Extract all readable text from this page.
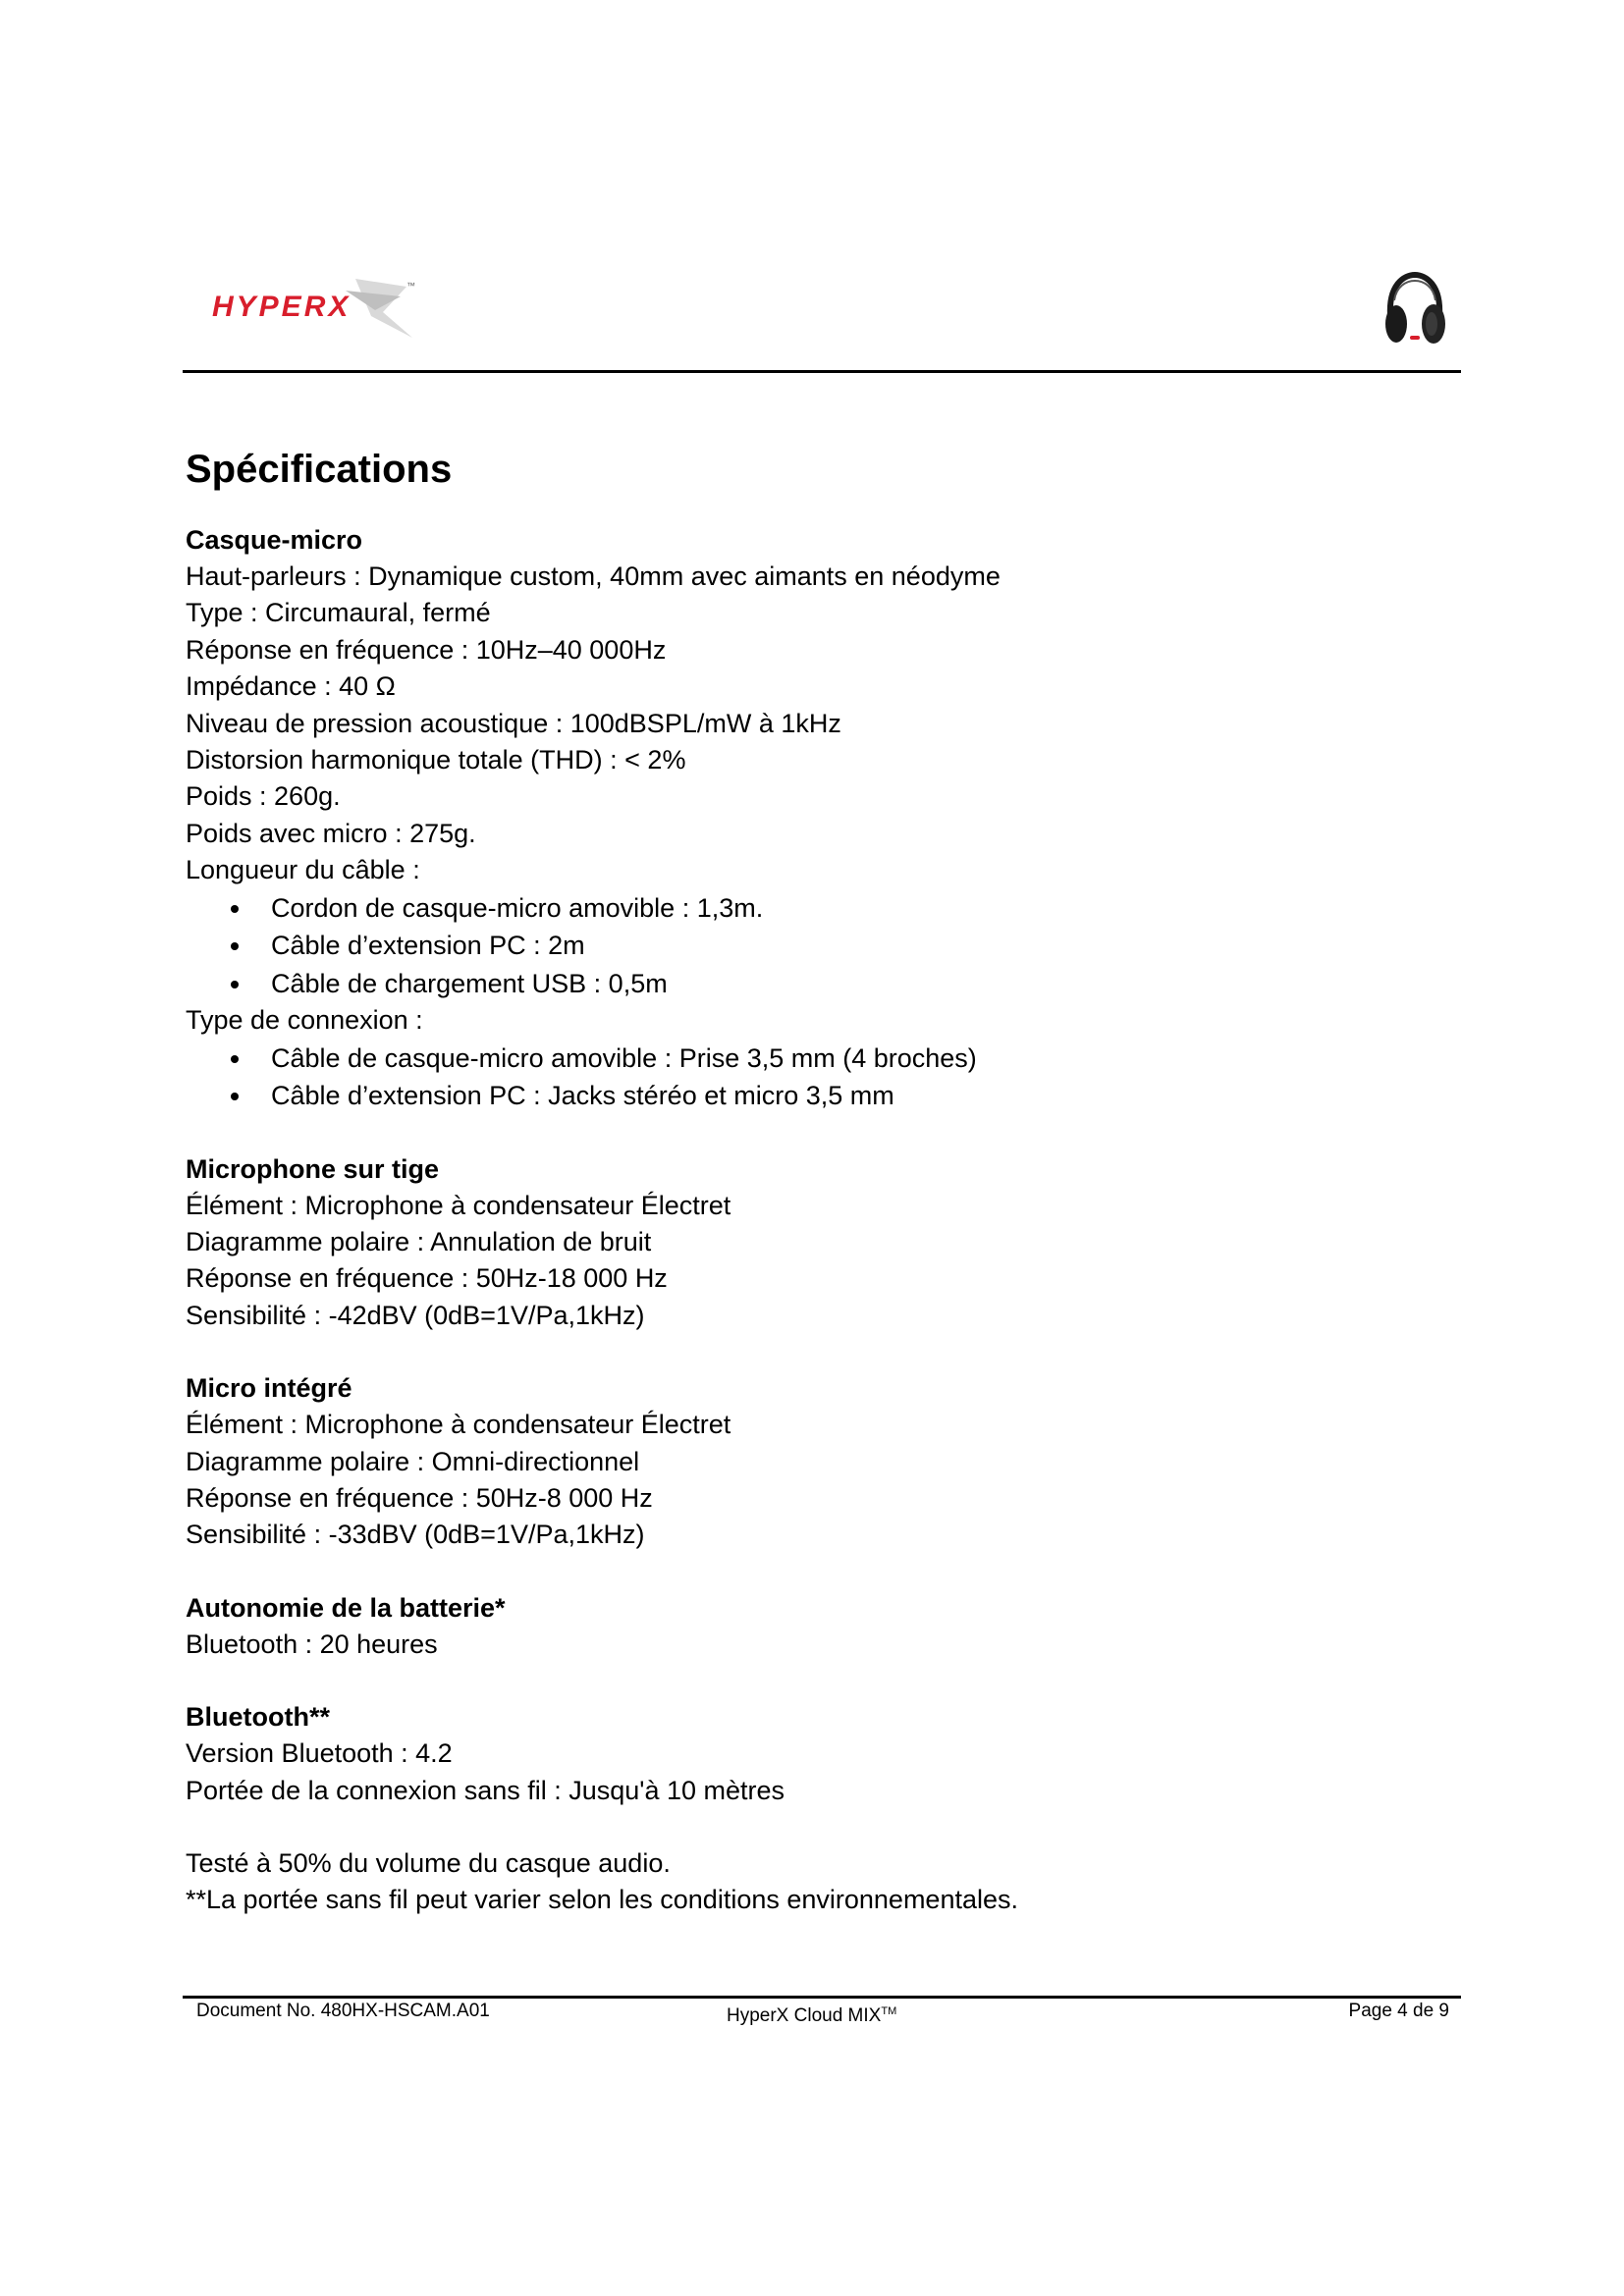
HYPERX
™
Spécifications

Casque-micro

Haut-parleurs : Dynamique custom, 40mm avec aimants en néodyme

Type : Circumaural, fermé

Réponse en fréquence : 10Hz–40 000Hz

Impédance : 40 Ω

Niveau de pression acoustique : 100dBSPL/mW à 1kHz

Distorsion harmonique totale (THD) : < 2%

Poids : 260g.

Poids avec micro : 275g.

Longueur du câble :

Cordon de casque-micro amovible : 1,3m.
Câble d’extension PC : 2m
Câble de chargement USB : 0,5m

Type de connexion :

Câble de casque-micro amovible : Prise 3,5 mm (4 broches)
Câble d’extension PC : Jacks stéréo et micro 3,5 mm

Microphone sur tige

Élément : Microphone à condensateur Électret

Diagramme polaire : Annulation de bruit

Réponse en fréquence : 50Hz-18 000 Hz

Sensibilité : -42dBV (0dB=1V/Pa,1kHz)

Micro intégré

Élément : Microphone à condensateur Électret

Diagramme polaire : Omni-directionnel

Réponse en fréquence : 50Hz-8 000 Hz

Sensibilité : -33dBV (0dB=1V/Pa,1kHz)

Autonomie de la batterie*

Bluetooth : 20 heures

Bluetooth**

Version Bluetooth : 4.2

Portée de la connexion sans fil : Jusqu'à 10 mètres

Testé à 50% du volume du casque audio.

**La portée sans fil peut varier selon les conditions environnementales.

Document No. 480HX-HSCAM.A01	HyperX Cloud MIX™	Page 4 de 9
